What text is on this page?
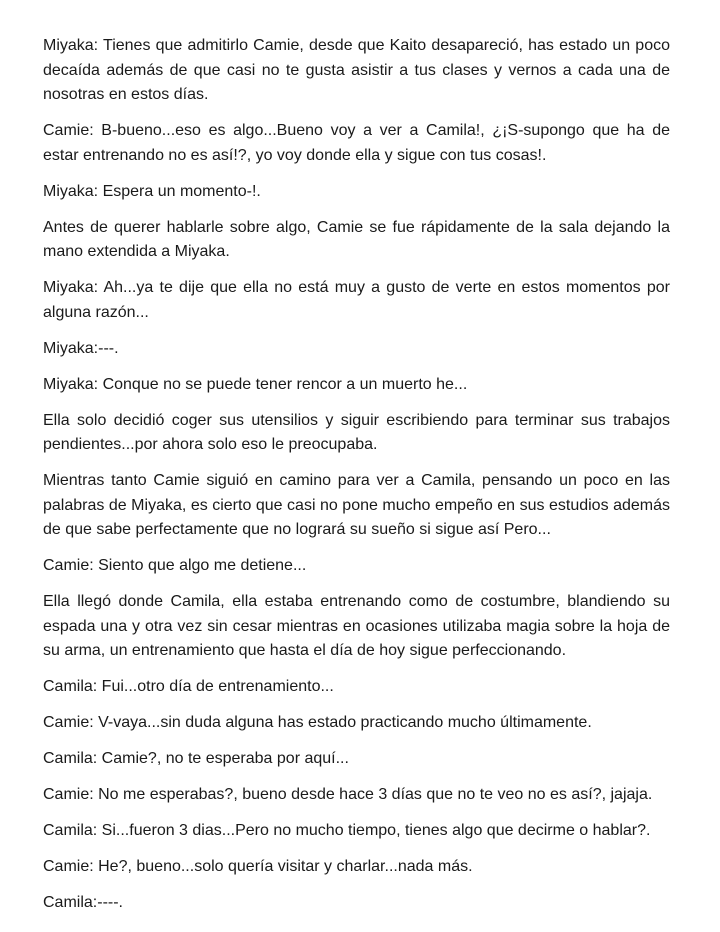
Miyaka: Tienes que admitirlo Camie, desde que Kaito desapareció, has estado un poco decaída además de que casi no te gusta asistir a tus clases y vernos a cada una de nosotras en estos días.

Camie: B-bueno...eso es algo...Bueno voy a ver a Camila!, ¿¡S-supongo que ha de estar entrenando no es así!?, yo voy donde ella y sigue con tus cosas!.

Miyaka: Espera un momento-!.

Antes de querer hablarle sobre algo, Camie se fue rápidamente de la sala dejando la mano extendida a Miyaka.

Miyaka: Ah...ya te dije que ella no está muy a gusto de verte en estos momentos por alguna razón...

Miyaka:---.

Miyaka: Conque no se puede tener rencor a un muerto he...

Ella solo decidió coger sus utensilios y siguir escribiendo para terminar sus trabajos pendientes...por ahora solo eso le preocupaba.

Mientras tanto Camie siguió en camino para ver a Camila, pensando un poco en las palabras de Miyaka, es cierto que casi no pone mucho empeño en sus estudios además de que sabe perfectamente que no logrará su sueño si sigue así Pero...

Camie: Siento que algo me detiene...

Ella llegó donde Camila, ella estaba entrenando como de costumbre, blandiendo su espada una y otra vez sin cesar mientras en ocasiones utilizaba magia sobre la hoja de su arma, un entrenamiento que hasta el día de hoy sigue perfeccionando.

Camila: Fui...otro día de entrenamiento...

Camie: V-vaya...sin duda alguna has estado practicando mucho últimamente.

Camila: Camie?, no te esperaba por aquí...

Camie: No me esperabas?, bueno desde hace 3 días que no te veo no es así?, jajaja.

Camila: Si...fueron 3 dias...Pero no mucho tiempo, tienes algo que decirme o hablar?.

Camie: He?, bueno...solo quería visitar y charlar...nada más.

Camila:----.
